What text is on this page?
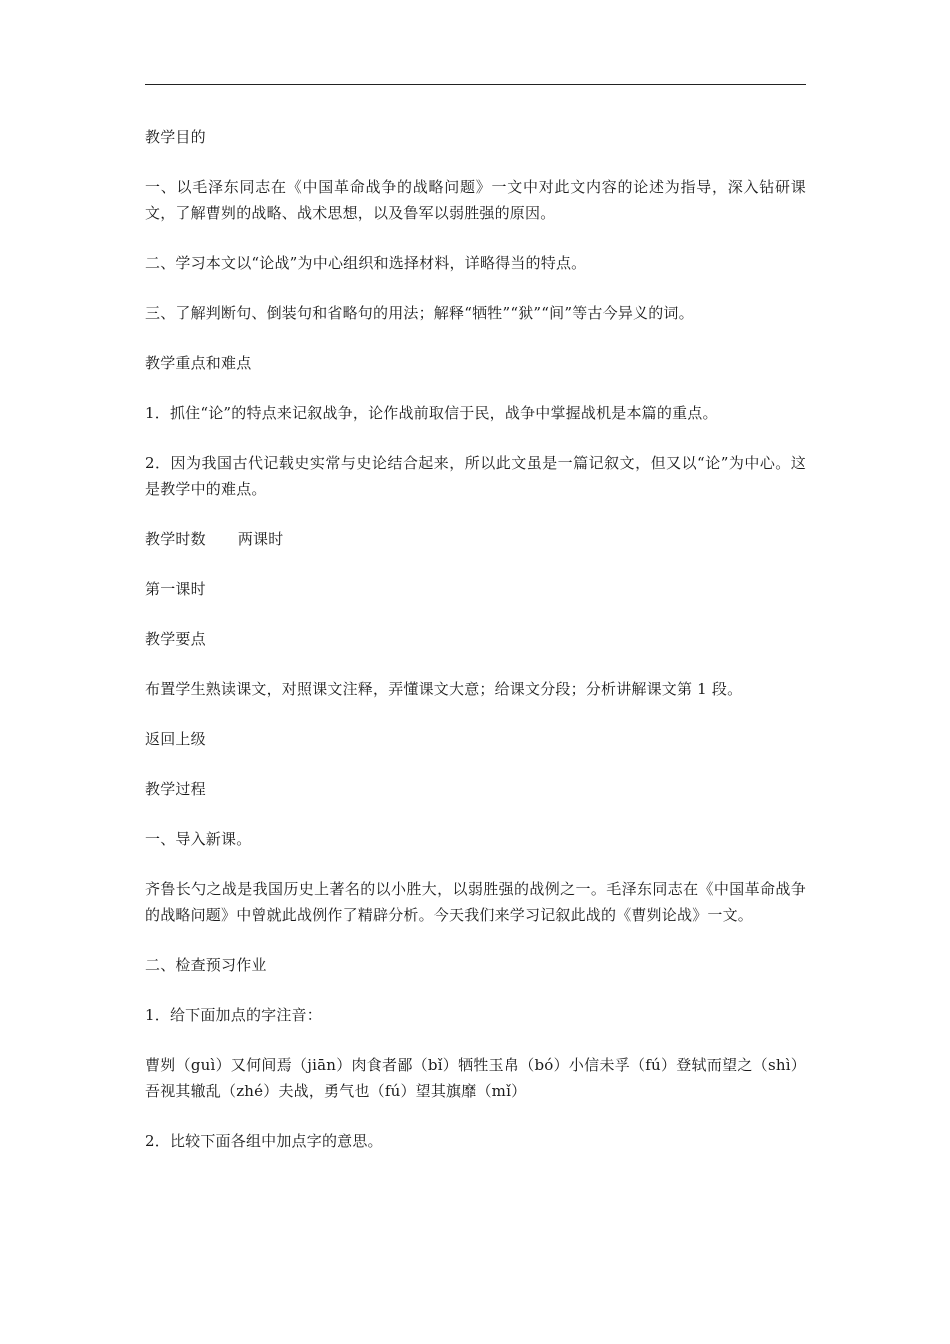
教学目的

一、以毛泽东同志在《中国革命战争的战略问题》一文中对此文内容的论述为指导，深入钻研课文，了解曹刿的战略、战术思想，以及鲁军以弱胜强的原因。

二、学习本文以“论战”为中心组织和选择材料，详略得当的特点。

三、了解判断句、倒装句和省略句的用法；解释“牺牲”“狱”“间”等古今异义的词。

教学重点和难点

1．抓住“论”的特点来记叙战争，论作战前取信于民，战争中掌握战机是本篇的重点。

2．因为我国古代记载史实常与史论结合起来，所以此文虽是一篇记叙文，但又以“论”为中心。这是教学中的难点。

教学时数 两课时

第一课时

教学要点

布置学生熟读课文，对照课文注释，弄懂课文大意；给课文分段；分析讲解课文第 1 段。

返回上级

教学过程

一、导入新课。

齐鲁长勺之战是我国历史上著名的以小胜大，以弱胜强的战例之一。毛泽东同志在《中国革命战争的战略问题》中曾就此战例作了精辟分析。今天我们来学习记叙此战的《曹刿论战》一文。

二、检查预习作业

1．给下面加点的字注音：

曹刿（guì）又何间焉（jiān）肉食者鄙（bǐ）牺牲玉帛（bó）小信未孚（fú）登轼而望之（shì）吾视其辙乱（zhé）夫战，勇气也（fú）望其旗靡（mǐ）

2．比较下面各组中加点字的意思。
